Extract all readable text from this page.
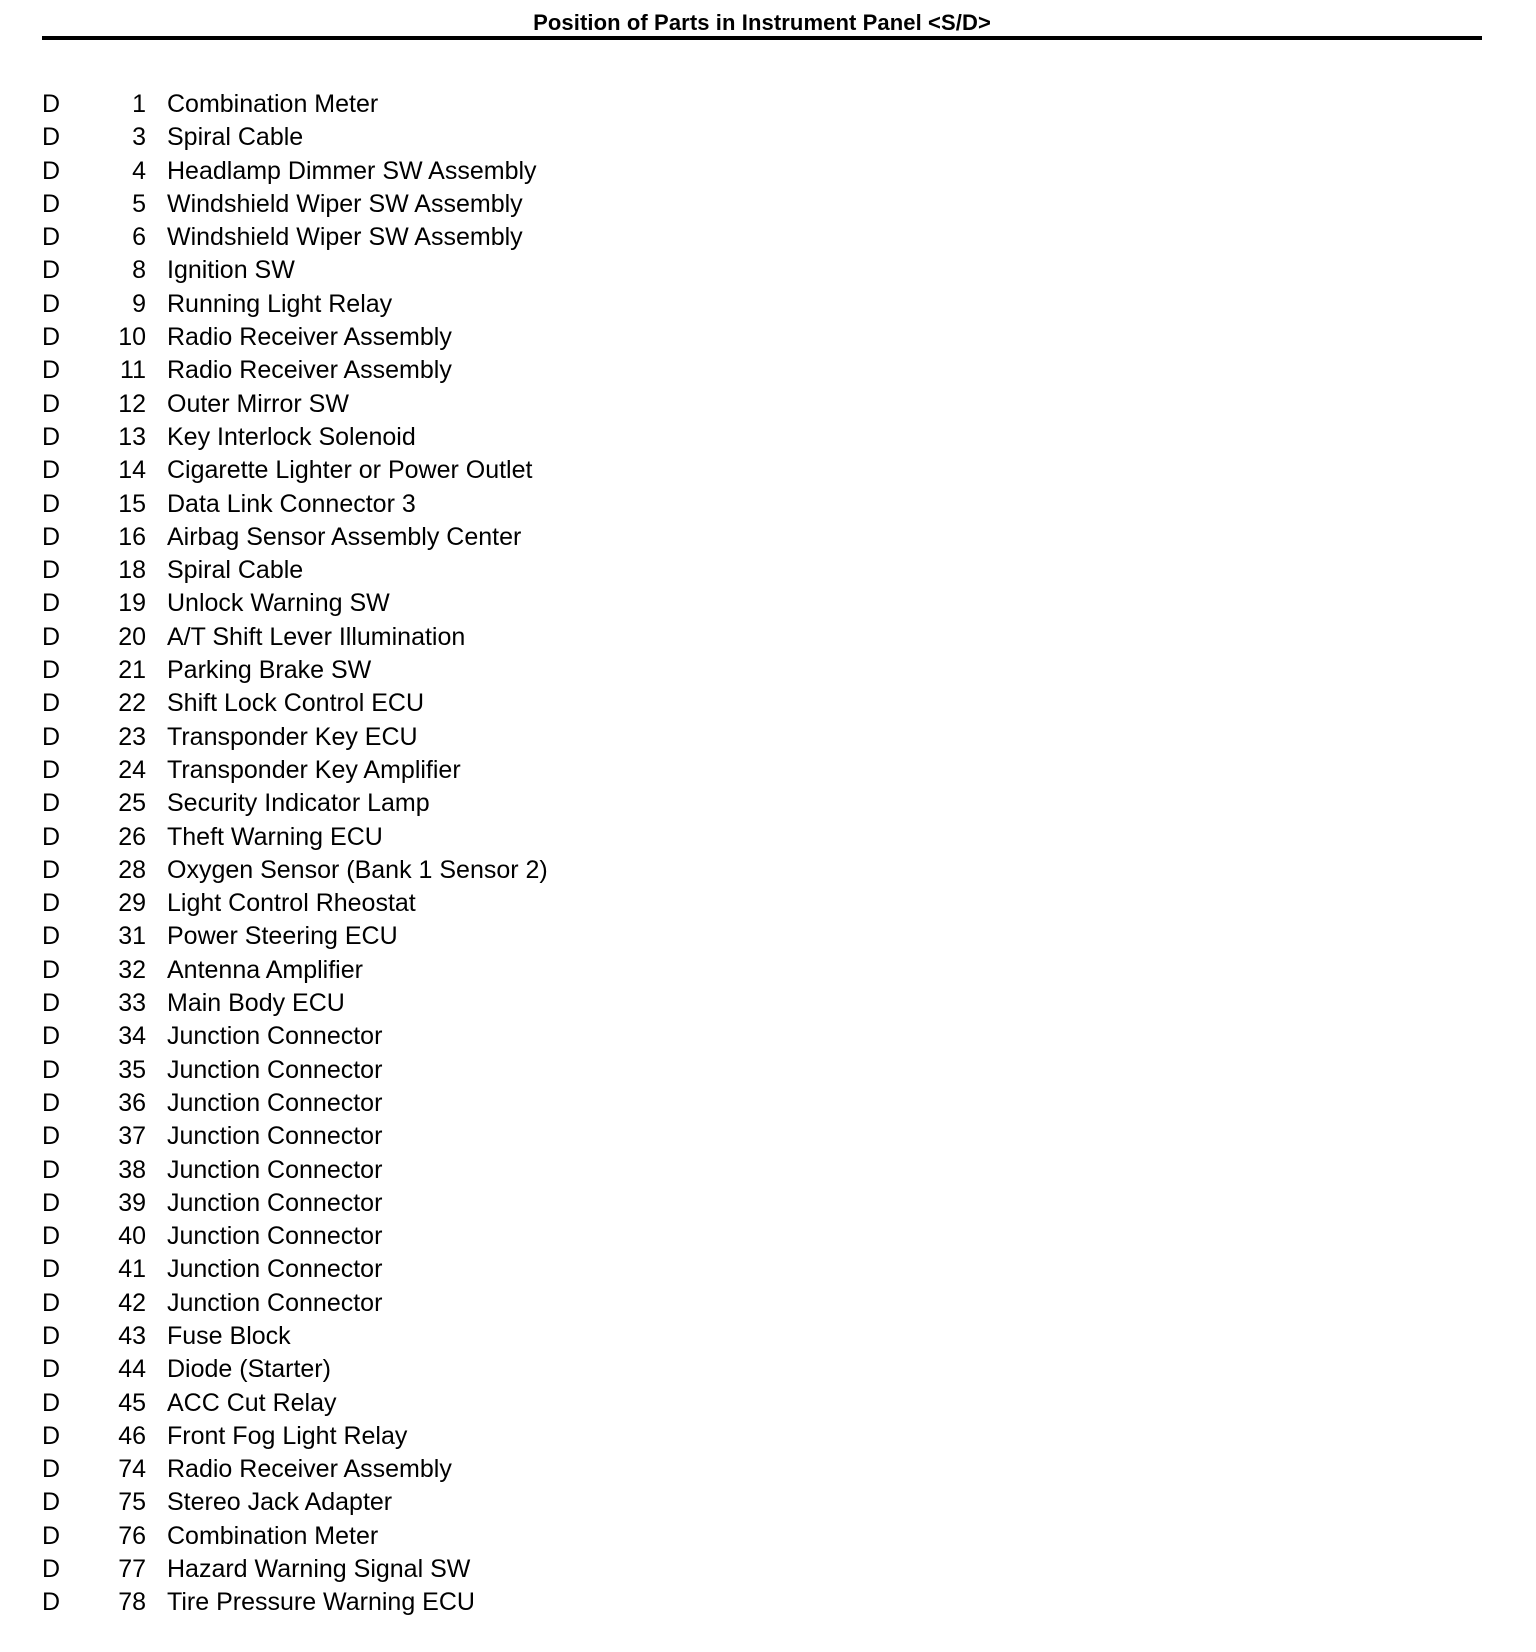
Position of Parts in Instrument Panel <S/D>
D	1 Combination Meter
D	3 Spiral Cable
D	4 Headlamp Dimmer SW Assembly
D	5 Windshield Wiper SW Assembly
D	6 Windshield Wiper SW Assembly
D	8 Ignition SW
D	9 Running Light Relay
D	10 Radio Receiver Assembly
D	11 Radio Receiver Assembly
D	12 Outer Mirror SW
D	13 Key Interlock Solenoid
D	14 Cigarette Lighter or Power Outlet
D	15 Data Link Connector 3
D	16 Airbag Sensor Assembly Center
D	18 Spiral Cable
D	19 Unlock Warning SW
D	20 A/T Shift Lever Illumination
D	21 Parking Brake SW
D	22 Shift Lock Control ECU
D	23 Transponder Key ECU
D	24 Transponder Key Amplifier
D	25 Security Indicator Lamp
D	26 Theft Warning ECU
D	28 Oxygen Sensor (Bank 1 Sensor 2)
D	29 Light Control Rheostat
D	31 Power Steering ECU
D	32 Antenna Amplifier
D	33 Main Body ECU
D	34 Junction Connector
D	35 Junction Connector
D	36 Junction Connector
D	37 Junction Connector
D	38 Junction Connector
D	39 Junction Connector
D	40 Junction Connector
D	41 Junction Connector
D	42 Junction Connector
D	43 Fuse Block
D	44 Diode (Starter)
D	45 ACC Cut Relay
D	46 Front Fog Light Relay
D	74 Radio Receiver Assembly
D	75 Stereo Jack Adapter
D	76 Combination Meter
D	77 Hazard Warning Signal SW
D	78 Tire Pressure Warning ECU
